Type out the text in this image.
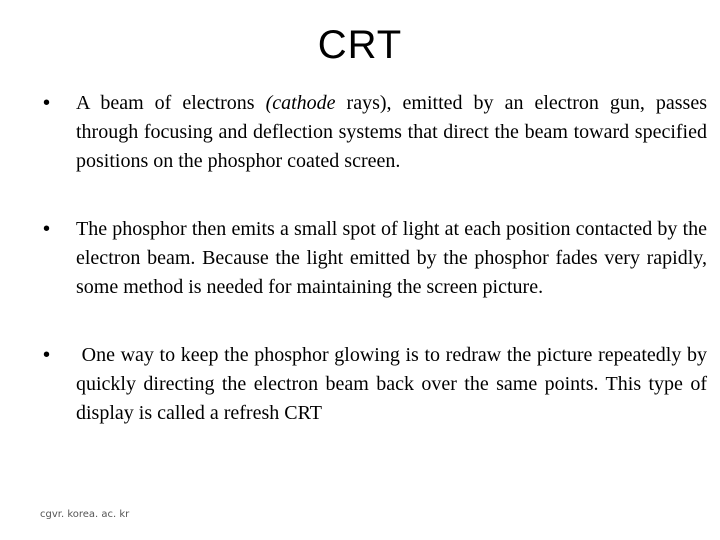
CRT
•	A beam of electrons (cathode rays), emitted by an electron gun, passes through focusing and deflection systems that direct the beam toward specified positions on the phosphor coated screen.
•	The phosphor then emits a small spot of light at each position contacted by the electron beam. Because the light emitted by the phosphor fades very rapidly, some method is needed for maintaining the screen picture.
•	One way to keep the phosphor glowing is to redraw the picture repeatedly by quickly directing the electron beam back over the same points. This type of display is called a refresh CRT
cgvr. korea. ac. kr
